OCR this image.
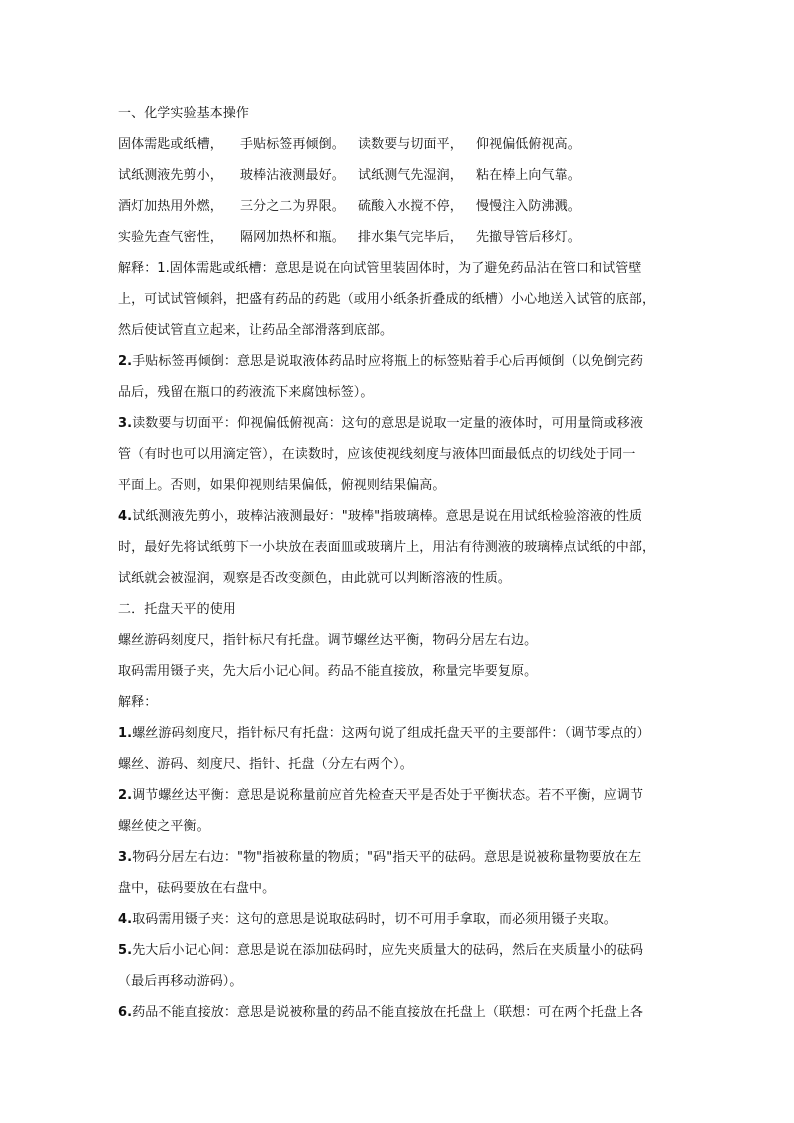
一、化学实验基本操作
固体需匙或纸槽， 手贴标签再倾倒。 读数要与切面平， 仰视偏低俯视高。
试纸测液先剪小， 玻棒沾液测最好。 试纸测气先湿润， 粘在棒上向气靠。
酒灯加热用外燃， 三分之二为界限。 硫酸入水搅不停， 慢慢注入防沸溅。
实验先查气密性， 隔网加热杯和瓶。 排水集气完毕后， 先撤导管后移灯。
解释：1.固体需匙或纸槽：意思是说在向试管里装固体时，为了避免药品沾在管口和试管壁
上，可试试管倾斜，把盛有药品的药匙（或用小纸条折叠成的纸槽）小心地送入试管的底部，
然后使试管直立起来，让药品全部滑落到底部。
2.手贴标签再倾倒：意思是说取液体药品时应将瓶上的标签贴着手心后再倾倒（以免倒完药
品后，残留在瓶口的药液流下来腐蚀标签）。
3.读数要与切面平：仰视偏低俯视高：这句的意思是说取一定量的液体时，可用量筒或移液
管（有时也可以用滴定管），在读数时，应该使视线刻度与液体凹面最低点的切线处于同一
平面上。否则，如果仰视则结果偏低，俯视则结果偏高。
4.试纸测液先剪小，玻棒沾液测最好："玻棒"指玻璃棒。意思是说在用试纸检验溶液的性质
时，最好先将试纸剪下一小块放在表面皿或玻璃片上，用沾有待测液的玻璃棒点试纸的中部，
试纸就会被湿润，观察是否改变颜色，由此就可以判断溶液的性质。
二．托盘天平的使用
螺丝游码刻度尺，指针标尺有托盘。调节螺丝达平衡，物码分居左右边。
取码需用镊子夹，先大后小记心间。药品不能直接放，称量完毕要复原。
解释：
1.螺丝游码刻度尺，指针标尺有托盘：这两句说了组成托盘天平的主要部件：（调节零点的）
螺丝、游码、刻度尺、指针、托盘（分左右两个）。
2.调节螺丝达平衡：意思是说称量前应首先检查天平是否处于平衡状态。若不平衡，应调节
螺丝使之平衡。
3.物码分居左右边："物"指被称量的物质；"码"指天平的砝码。意思是说被称量物要放在左
盘中，砝码要放在右盘中。
4.取码需用镊子夹：这句的意思是说取砝码时，切不可用手拿取，而必须用镊子夹取。
5.先大后小记心间：意思是说在添加砝码时，应先夹质量大的砝码，然后在夹质量小的砝码
（最后再移动游码）。
6.药品不能直接放：意思是说被称量的药品不能直接放在托盘上（联想：可在两个托盘上各
